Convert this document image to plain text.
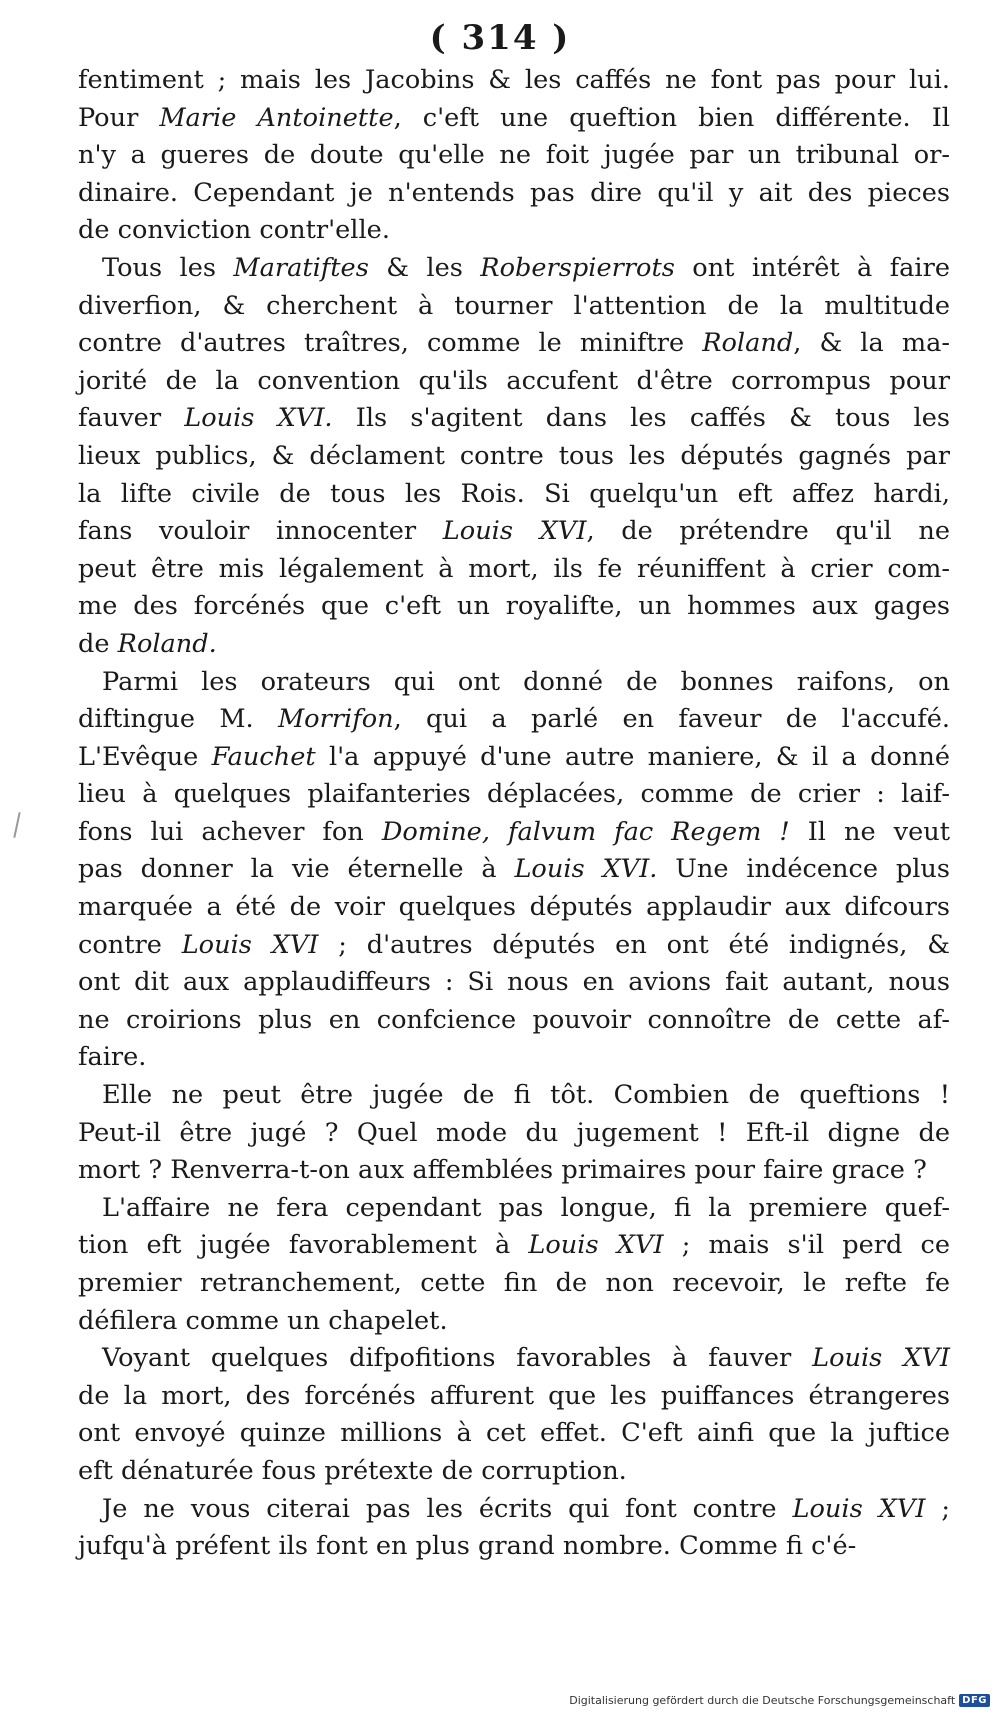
( 314 )
fentiment ; mais les Jacobins & les caffés ne font pas pour lui.
Pour Marie Antoinette, c'eft une queftion bien différente. Il
n'y a gueres de doute qu'elle ne foit jugée par un tribunal or-
dinaire. Cependant je n'entends pas dire qu'il y ait des pieces
de conviction contr'elle.
Tous les Maratiftes & les Roberspierrots ont intérêt à faire
diverfion, & cherchent à tourner l'attention de la multitude
contre d'autres traîtres, comme le miniftre Roland, & la ma-
jorité de la convention qu'ils accufent d'être corrompus pour
fauver Louis XVI. Ils s'agitent dans les caffés & tous les
lieux publics, & déclament contre tous les députés gagnés par
la lifte civile de tous les Rois. Si quelqu'un eft affez hardi,
fans vouloir innocenter Louis XVI, de prétendre qu'il ne
peut être mis légalement à mort, ils fe réuniffent à crier com-
me des forcénés que c'eft un royalifte, un hommes aux gages
de Roland.
Parmi les orateurs qui ont donné de bonnes raifons, on
diftingue M. Morrifon, qui a parlé en faveur de l'accufé.
L'Evêque Fauchet l'a appuyé d'une autre maniere, & il a donné
lieu à quelques plaifanteries déplacées, comme de crier : laif-
fons lui achever fon Domine, falvum fac Regem ! Il ne veut
pas donner la vie éternelle à Louis XVI. Une indécence plus
marquée a été de voir quelques députés applaudir aux difcours
contre Louis XVI ; d'autres députés en ont été indignés, &
ont dit aux applaudiffeurs : Si nous en avions fait autant, nous
ne croirions plus en confcience pouvoir connoître de cette af-
faire.
Elle ne peut être jugée de fi tôt. Combien de queftions !
Peut-il être jugé ? Quel mode du jugement ! Eft-il digne de
mort ? Renverra-t-on aux affemblées primaires pour faire grace ?
L'affaire ne fera cependant pas longue, fi la premiere quef-
tion eft jugée favorablement à Louis XVI ; mais s'il perd ce
premier retranchement, cette fin de non recevoir, le refte fe
défilera comme un chapelet.
Voyant quelques difpofitions favorables à fauver Louis XVI
de la mort, des forcénés affurent que les puiffances étrangeres
ont envoyé quinze millions à cet effet. C'eft ainfi que la juftice
eft dénaturée fous prétexte de corruption.
Je ne vous citerai pas les écrits qui font contre Louis XVI ;
jufqu'à préfent ils font en plus grand nombre. Comme fi c'é-
Digitalisierung gefördert durch die Deutsche Forschungsgemeinschaft DFG
